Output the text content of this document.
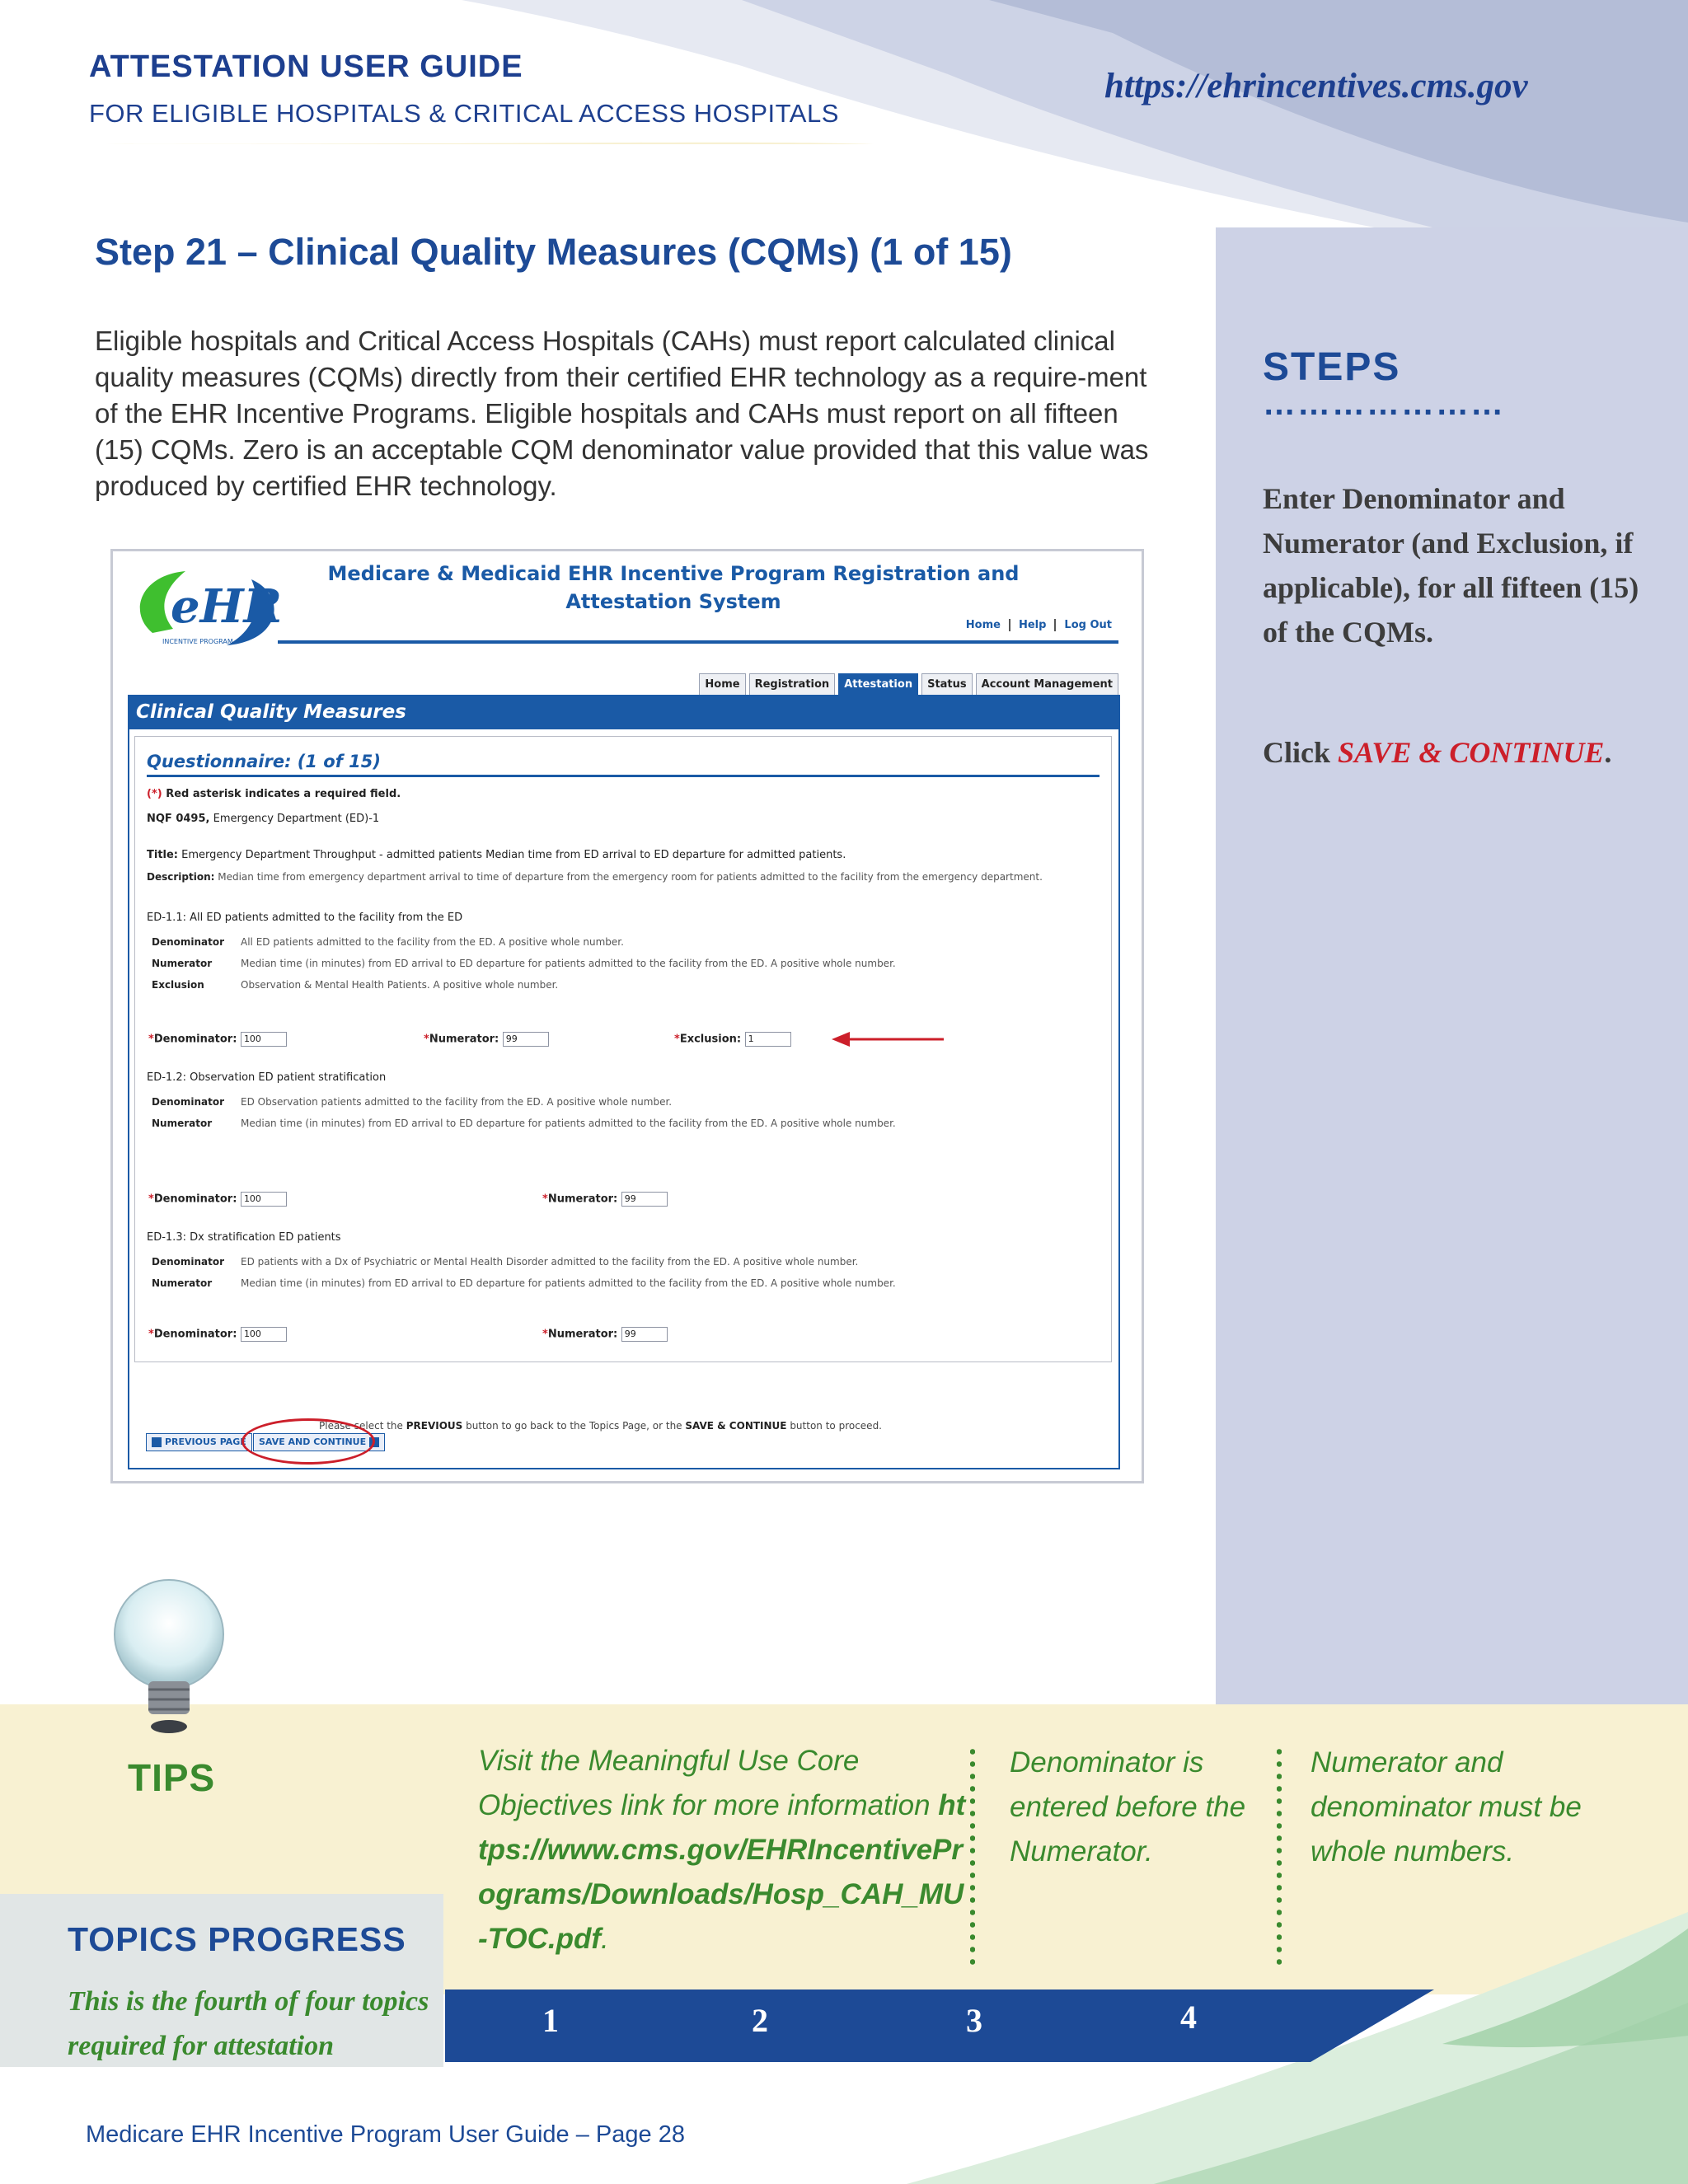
ATTESTATION USER GUIDE
FOR ELIGIBLE HOSPITALS & CRITICAL ACCESS HOSPITALS
https://ehrincentives.cms.gov
STEPS
…………………
Enter Denominator and Numerator (and Exclusion, if applicable), for all fifteen (15) of the CQMs.
Click SAVE & CONTINUE.
Step 21 – Clinical Quality Measures (CQMs) (1 of 15)
Eligible hospitals and Critical Access Hospitals (CAHs) must report calculated clinical quality measures (CQMs) directly from their certified EHR technology as a require-ment of the EHR Incentive Programs. Eligible hospitals and CAHs must report on all fifteen (15) CQMs. Zero is an acceptable CQM denominator value provided that this value was produced by certified EHR technology.
eHR
INCENTIVE PROGRAM
Medicare & Medicaid EHR Incentive Program Registration and Attestation System
Home Help Log Out
Home	Registration	Attestation	Status	Account Management
Clinical Quality Measures
Questionnaire: (1 of 15)
(*) Red asterisk indicates a required field.
NQF 0495, Emergency Department (ED)-1
Title: Emergency Department Throughput - admitted patients Median time from ED arrival to ED departure for admitted patients.
Description: Median time from emergency department arrival to time of departure from the emergency room for patients admitted to the facility from the emergency department.
ED-1.1: All ED patients admitted to the facility from the ED
Denominator All ED patients admitted to the facility from the ED. A positive whole number.
Numerator	Median time (in minutes) from ED arrival to ED departure for patients admitted to the facility from the ED. A positive whole number.
Exclusion	Observation & Mental Health Patients. A positive whole number.
*Denominator: 100	*Numerator: 99	*Exclusion: 1
ED-1.2: Observation ED patient stratification
Denominator ED Observation patients admitted to the facility from the ED. A positive whole number.
Numerator	Median time (in minutes) from ED arrival to ED departure for patients admitted to the facility from the ED. A positive whole number.
*Denominator: 100	*Numerator: 99
ED-1.3: Dx stratification ED patients
Denominator ED patients with a Dx of Psychiatric or Mental Health Disorder admitted to the facility from the ED. A positive whole number.
Numerator	Median time (in minutes) from ED arrival to ED departure for patients admitted to the facility from the ED. A positive whole number.
*Denominator: 100	*Numerator: 99
Please select the PREVIOUS button to go back to the Topics Page, or the SAVE & CONTINUE button to proceed.
PREVIOUS PAGE	SAVE AND CONTINUE
TIPS	Visit the Meaningful Use Core Objectives link for more information https://www.cms.gov/EHRIncentivePrograms/Downloads/Hosp_CAH_MU-TOC.pdf.
Denominator is entered before the Numerator.
Numerator and denominator must be whole numbers.
TOPICS PROGRESS
This is the fourth of four topics required for attestation
1	2	3	4
Medicare EHR Incentive Program User Guide – Page 28
